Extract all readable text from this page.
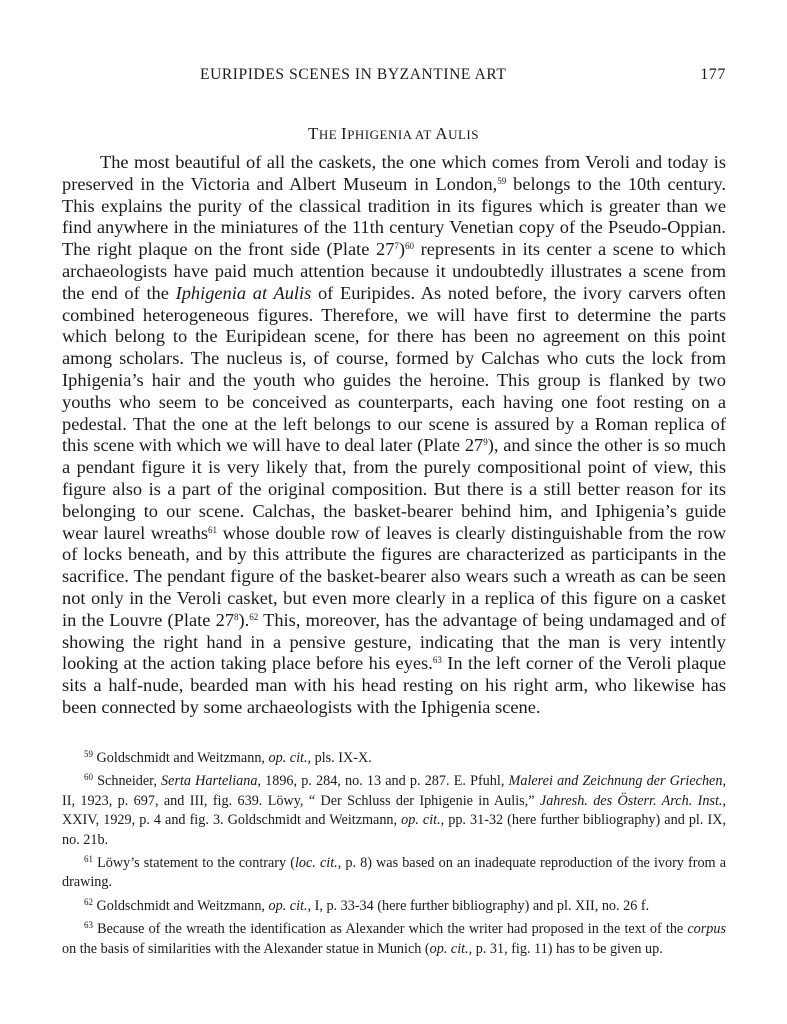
EURIPIDES SCENES IN BYZANTINE ART	177
THE IPHIGENIA AT AULIS

The most beautiful of all the caskets, the one which comes from Veroli and today is preserved in the Victoria and Albert Museum in London,$^{59}$ belongs to the 10th century. This explains the purity of the classical tradition in its figures which is greater than we find anywhere in the miniatures of the 11th century Venetian copy of the Pseudo-Oppian. The right plaque on the front side (Plate $27^7)^{60}$ represents in its center a scene to which archaeologists have paid much attention because it undoubtedly illustrates a scene from the end of the Iphigenia at Aulis of Euripides. As noted before, the ivory carvers often combined heterogeneous figures. Therefore, we will have first to determine the parts which belong to the Euripidean scene, for there has been no agreement on this point among scholars. The nucleus is, of course, formed by Calchas who cuts the lock from Iphigenia’s hair and the youth who guides the heroine. This group is flanked by two youths who seem to be conceived as counterparts, each having one foot resting on a pedestal. That the one at the left belongs to our scene is assured by a Roman replica of this scene with which we will have to deal later (Plate $27^9$), and since the other is so much a pendant figure it is very likely that, from the purely compositional point of view, this figure also is a part of the original composition. But there is a still better reason for its belonging to our scene. Calchas, the basket-bearer behind him, and Iphigenia’s guide wear laurel wreaths$^{61}$ whose double row of leaves is clearly distinguishable from the row of locks beneath, and by this attribute the figures are characterized as participants in the sacrifice. The pendant figure of the basket-bearer also wears such a wreath as can be seen not only in the Veroli casket, but even more clearly in a replica of this figure on a casket in the Louvre (Plate $27^8).^{62}$ This, moreover, has the advantage of being undamaged and of showing the right hand in a pensive gesture, indicating that the man is very intently looking at the action taking place before his eyes.$^{63}$ In the left corner of the Veroli plaque sits a half-nude, bearded man with his head resting on his right arm, who likewise has been connected by some archaeologists with the Iphigenia scene.

$^{59}$ Goldschmidt and Weitzmann, op. cit., pls. IX-X.

$^{60}$ Schneider, Serta Harteliana, 1896, p. 284, no. 13 and p. 287. E. Pfuhl, Malerei and Zeichnung der Griechen, II, 1923, p. 697, and III, fig. 639. Löwy, “ Der Schluss der Iphigenie in Aulis,” Jahresh. des Österr. Arch. Inst., XXIV, 1929, p. 4 and fig. 3. Goldschmidt and Weitzmann, op. cit., pp. 31-32 (here further bibliography) and pl. IX, no. 21b.

$^{61}$ Löwy’s statement to the contrary (loc. cit., p. 8) was based on an inadequate reproduction of the ivory from a drawing.

$^{62}$ Goldschmidt and Weitzmann, op. cit., I, p. 33-34 (here further bibliography) and pl. XII, no. 26 f.

$^{63}$ Because of the wreath the identification as Alexander which the writer had proposed in the text of the corpus on the basis of similarities with the Alexander statue in Munich (op. cit., p. 31, fig. 11) has to be given up.
